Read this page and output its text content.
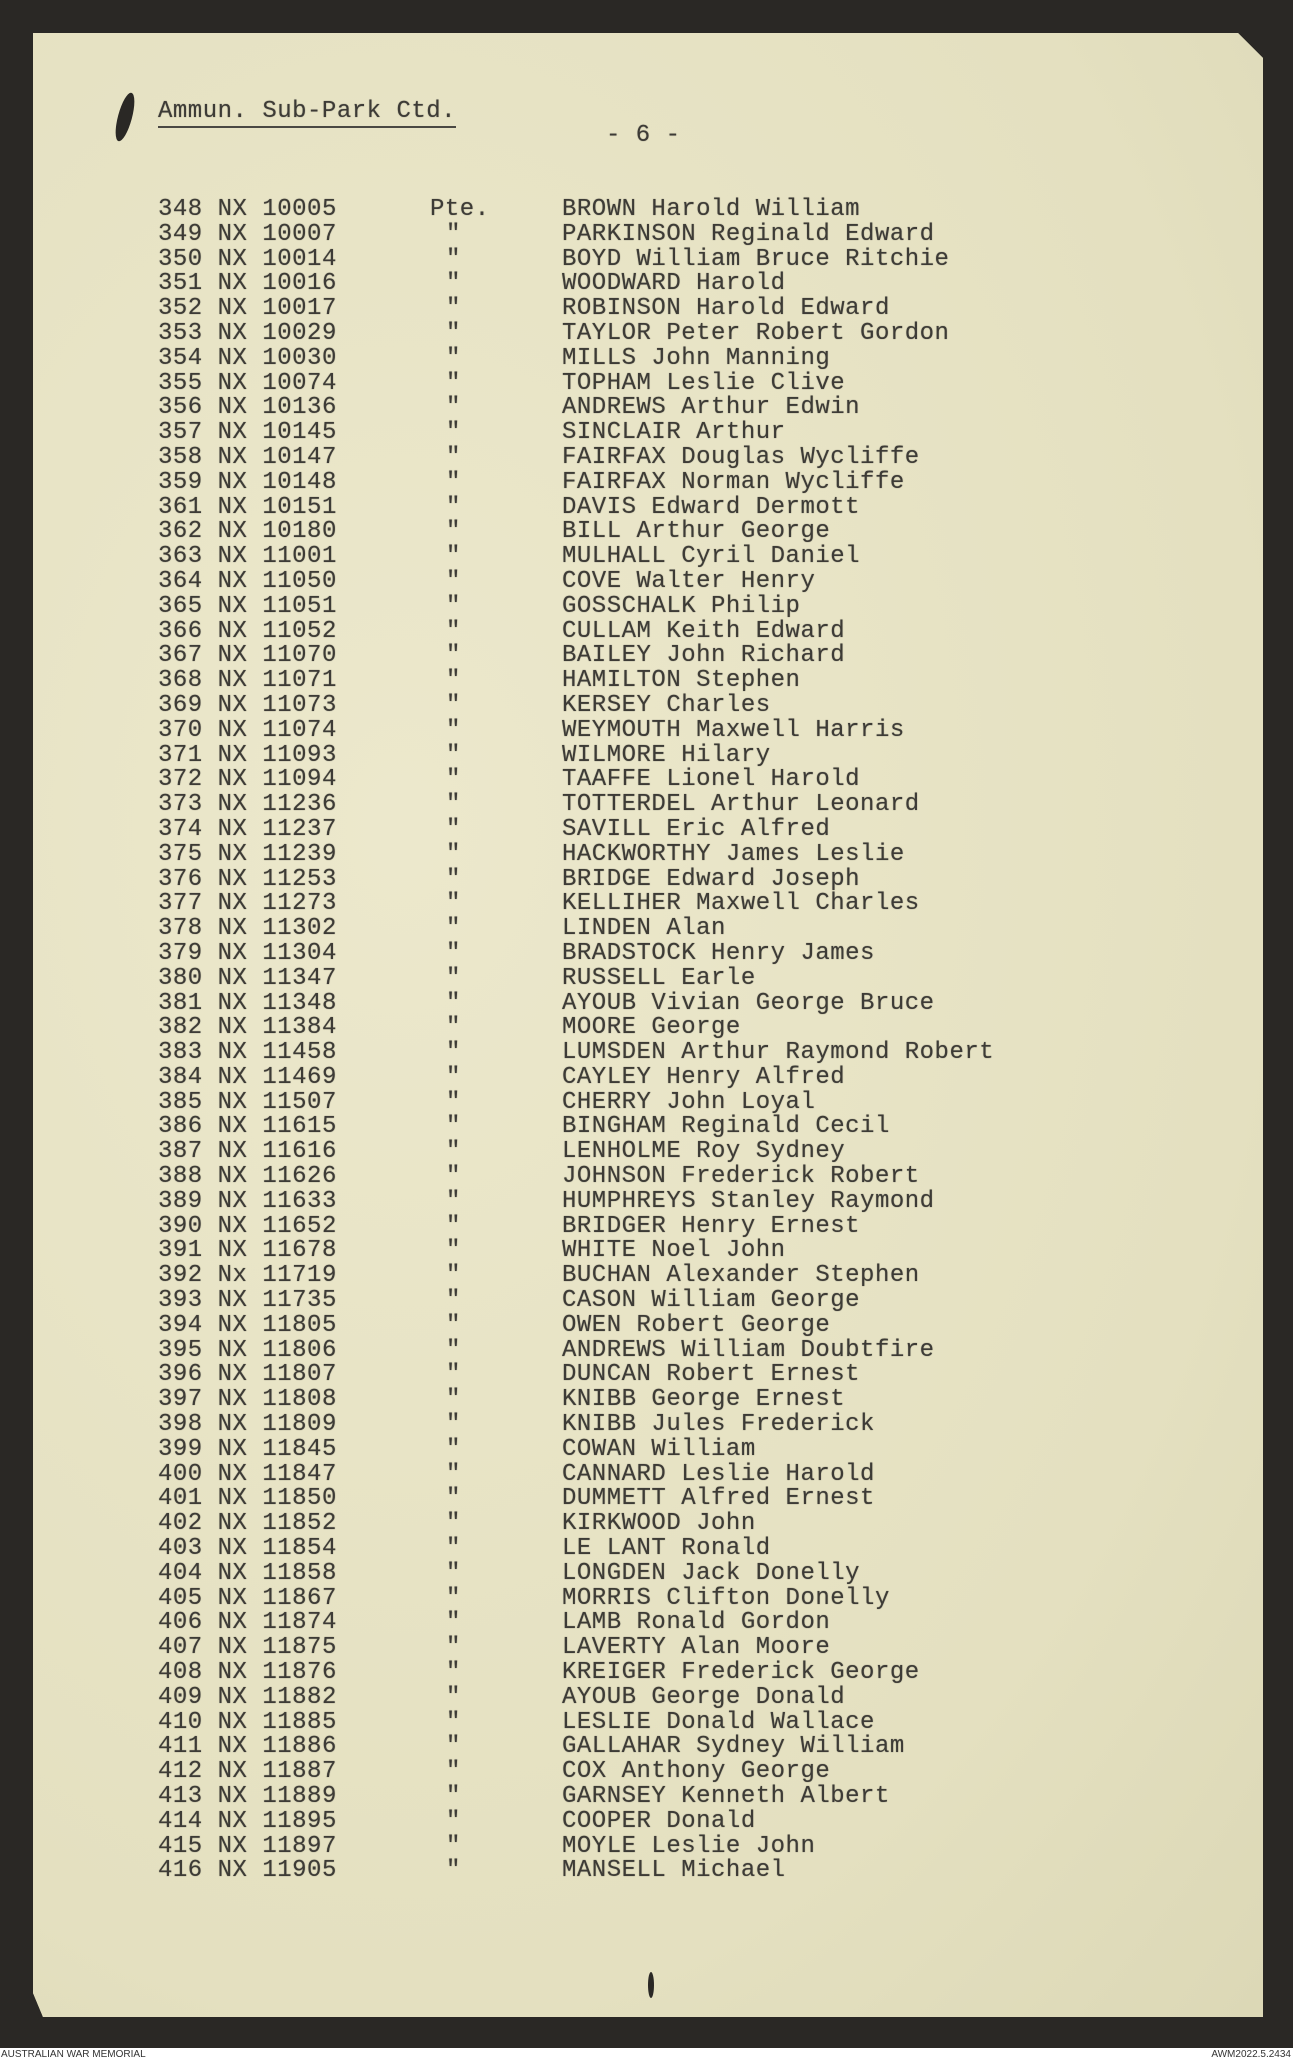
Ammun. Sub-Park Ctd.
- 6 -
348 NX 10005	Pte.	BROWN Harold William
349 NX 10007	"	PARKINSON Reginald Edward
350 NX 10014	"	BOYD William Bruce Ritchie
351 NX 10016	"	WOODWARD Harold
352 NX 10017	"	ROBINSON Harold Edward
353 NX 10029	"	TAYLOR Peter Robert Gordon
354 NX 10030	"	MILLS John Manning
355 NX 10074	"	TOPHAM Leslie Clive
356 NX 10136	"	ANDREWS Arthur Edwin
357 NX 10145	"	SINCLAIR Arthur
358 NX 10147	"	FAIRFAX Douglas Wycliffe
359 NX 10148	"	FAIRFAX Norman Wycliffe
361 NX 10151	"	DAVIS Edward Dermott
362 NX 10180	"	BILL Arthur George
363 NX 11001	"	MULHALL Cyril Daniel
364 NX 11050	"	COVE Walter Henry
365 NX 11051	"	GOSSCHALK Philip
366 NX 11052	"	CULLAM Keith Edward
367 NX 11070	"	BAILEY John Richard
368 NX 11071	"	HAMILTON Stephen
369 NX 11073	"	KERSEY Charles
370 NX 11074	"	WEYMOUTH Maxwell Harris
371 NX 11093	"	WILMORE Hilary
372 NX 11094	"	TAAFFE Lionel Harold
373 NX 11236	"	TOTTERDEL Arthur Leonard
374 NX 11237	"	SAVILL Eric Alfred
375 NX 11239	"	HACKWORTHY James Leslie
376 NX 11253	"	BRIDGE Edward Joseph
377 NX 11273	"	KELLIHER Maxwell Charles
378 NX 11302	"	LINDEN Alan
379 NX 11304	"	BRADSTOCK Henry James
380 NX 11347	"	RUSSELL Earle
381 NX 11348	"	AYOUB Vivian George Bruce
382 NX 11384	"	MOORE George
383 NX 11458	"	LUMSDEN Arthur Raymond Robert
384 NX 11469	"	CAYLEY Henry Alfred
385 NX 11507	"	CHERRY John Loyal
386 NX 11615	"	BINGHAM Reginald Cecil
387 NX 11616	"	LENHOLME Roy Sydney
388 NX 11626	"	JOHNSON Frederick Robert
389 NX 11633	"	HUMPHREYS Stanley Raymond
390 NX 11652	"	BRIDGER Henry Ernest
391 NX 11678	"	WHITE Noel John
392 Nx 11719	"	BUCHAN Alexander Stephen
393 NX 11735	"	CASON William George
394 NX 11805	"	OWEN Robert George
395 NX 11806	"	ANDREWS William Doubtfire
396 NX 11807	"	DUNCAN Robert Ernest
397 NX 11808	"	KNIBB George Ernest
398 NX 11809	"	KNIBB Jules Frederick
399 NX 11845	"	COWAN William
400 NX 11847	"	CANNARD Leslie Harold
401 NX 11850	"	DUMMETT Alfred Ernest
402 NX 11852	"	KIRKWOOD John
403 NX 11854	"	LE LANT Ronald
404 NX 11858	"	LONGDEN Jack Donelly
405 NX 11867	"	MORRIS Clifton Donelly
406 NX 11874	"	LAMB Ronald Gordon
407 NX 11875	"	LAVERTY Alan Moore
408 NX 11876	"	KREIGER Frederick George
409 NX 11882	"	AYOUB George Donald
410 NX 11885	"	LESLIE Donald Wallace
411 NX 11886	"	GALLAHAR Sydney William
412 NX 11887	"	COX Anthony George
413 NX 11889	"	GARNSEY Kenneth Albert
414 NX 11895	"	COOPER Donald
415 NX 11897	"	MOYLE Leslie John
416 NX 11905	"	MANSELL Michael
AUSTRALIAN WAR MEMORIAL	AWM2022.5.2434
